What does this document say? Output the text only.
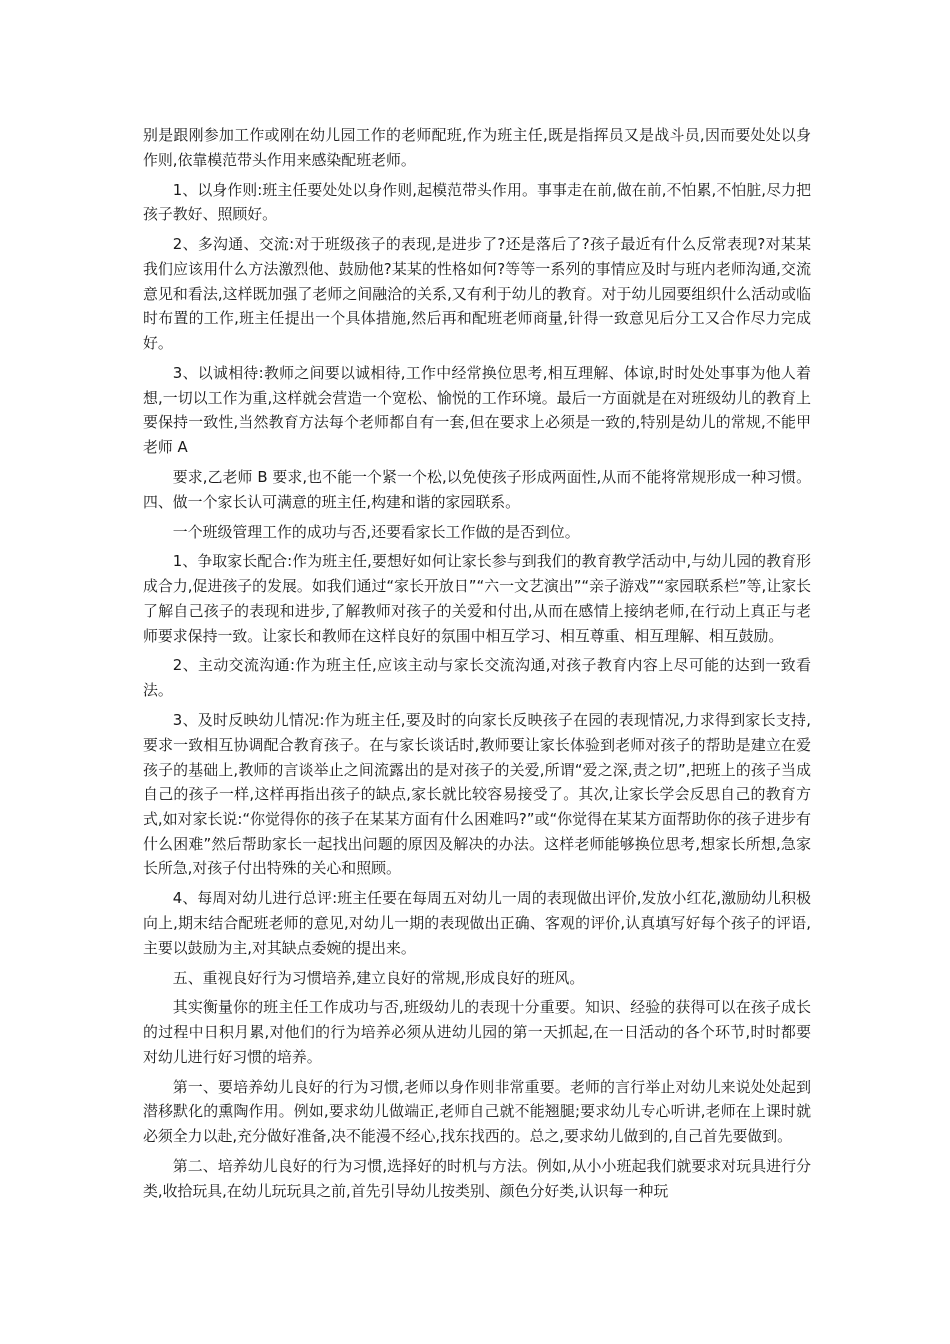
别是跟刚参加工作或刚在幼儿园工作的老师配班,作为班主任,既是指挥员又是战斗员,因而要处处以身作则,依靠模范带头作用来感染配班老师。

1、以身作则:班主任要处处以身作则,起模范带头作用。事事走在前,做在前,不怕累,不怕脏,尽力把孩子教好、照顾好。

2、多沟通、交流:对于班级孩子的表现,是进步了?还是落后了?孩子最近有什么反常表现?对某某我们应该用什么方法激烈他、鼓励他?某某的性格如何?等等一系列的事情应及时与班内老师沟通,交流意见和看法,这样既加强了老师之间融洽的关系,又有利于幼儿的教育。对于幼儿园要组织什么活动或临时布置的工作,班主任提出一个具体措施,然后再和配班老师商量,针得一致意见后分工又合作尽力完成好。

3、以诚相待:教师之间要以诚相待,工作中经常换位思考,相互理解、体谅,时时处处事事为他人着想,一切以工作为重,这样就会营造一个宽松、愉悦的工作环境。最后一方面就是在对班级幼儿的教育上要保持一致性,当然教育方法每个老师都自有一套,但在要求上必须是一致的,特别是幼儿的常规,不能甲老师 A

要求,乙老师 B 要求,也不能一个紧一个松,以免使孩子形成两面性,从而不能将常规形成一种习惯。 四、做一个家长认可满意的班主任,构建和谐的家园联系。

一个班级管理工作的成功与否,还要看家长工作做的是否到位。

1、争取家长配合:作为班主任,要想好如何让家长参与到我们的教育教学活动中,与幼儿园的教育形成合力,促进孩子的发展。如我们通过“家长开放日”“六一文艺演出”“亲子游戏”“家园联系栏”等,让家长了解自己孩子的表现和进步,了解教师对孩子的关爱和付出,从而在感情上接纳老师,在行动上真正与老师要求保持一致。让家长和教师在这样良好的氛围中相互学习、相互尊重、相互理解、相互鼓励。

2、主动交流沟通:作为班主任,应该主动与家长交流沟通,对孩子教育内容上尽可能的达到一致看法。

3、及时反映幼儿情况:作为班主任,要及时的向家长反映孩子在园的表现情况,力求得到家长支持,要求一致相互协调配合教育孩子。在与家长谈话时,教师要让家长体验到老师对孩子的帮助是建立在爱孩子的基础上,教师的言谈举止之间流露出的是对孩子的关爱,所谓“爱之深,责之切”,把班上的孩子当成自己的孩子一样,这样再指出孩子的缺点,家长就比较容易接受了。其次,让家长学会反思自己的教育方式,如对家长说:“你觉得你的孩子在某某方面有什么困难吗?”或“你觉得在某某方面帮助你的孩子进步有什么困难”然后帮助家长一起找出问题的原因及解决的办法。这样老师能够换位思考,想家长所想,急家长所急,对孩子付出特殊的关心和照顾。

4、每周对幼儿进行总评:班主任要在每周五对幼儿一周的表现做出评价,发放小红花,激励幼儿积极向上,期末结合配班老师的意见,对幼儿一期的表现做出正确、客观的评价,认真填写好每个孩子的评语,主要以鼓励为主,对其缺点委婉的提出来。

五、重视良好行为习惯培养,建立良好的常规,形成良好的班风。

其实衡量你的班主任工作成功与否,班级幼儿的表现十分重要。知识、经验的获得可以在孩子成长的过程中日积月累,对他们的行为培养必须从进幼儿园的第一天抓起,在一日活动的各个环节,时时都要对幼儿进行好习惯的培养。

第一、要培养幼儿良好的行为习惯,老师以身作则非常重要。老师的言行举止对幼儿来说处处起到潜移默化的熏陶作用。例如,要求幼儿做端正,老师自己就不能翘腿;要求幼儿专心听讲,老师在上课时就必须全力以赴,充分做好准备,决不能漫不经心,找东找西的。总之,要求幼儿做到的,自己首先要做到。

第二、培养幼儿良好的行为习惯,选择好的时机与方法。例如,从小小班起我们就要求对玩具进行分类,收拾玩具,在幼儿玩玩具之前,首先引导幼儿按类别、颜色分好类,认识每一种玩
